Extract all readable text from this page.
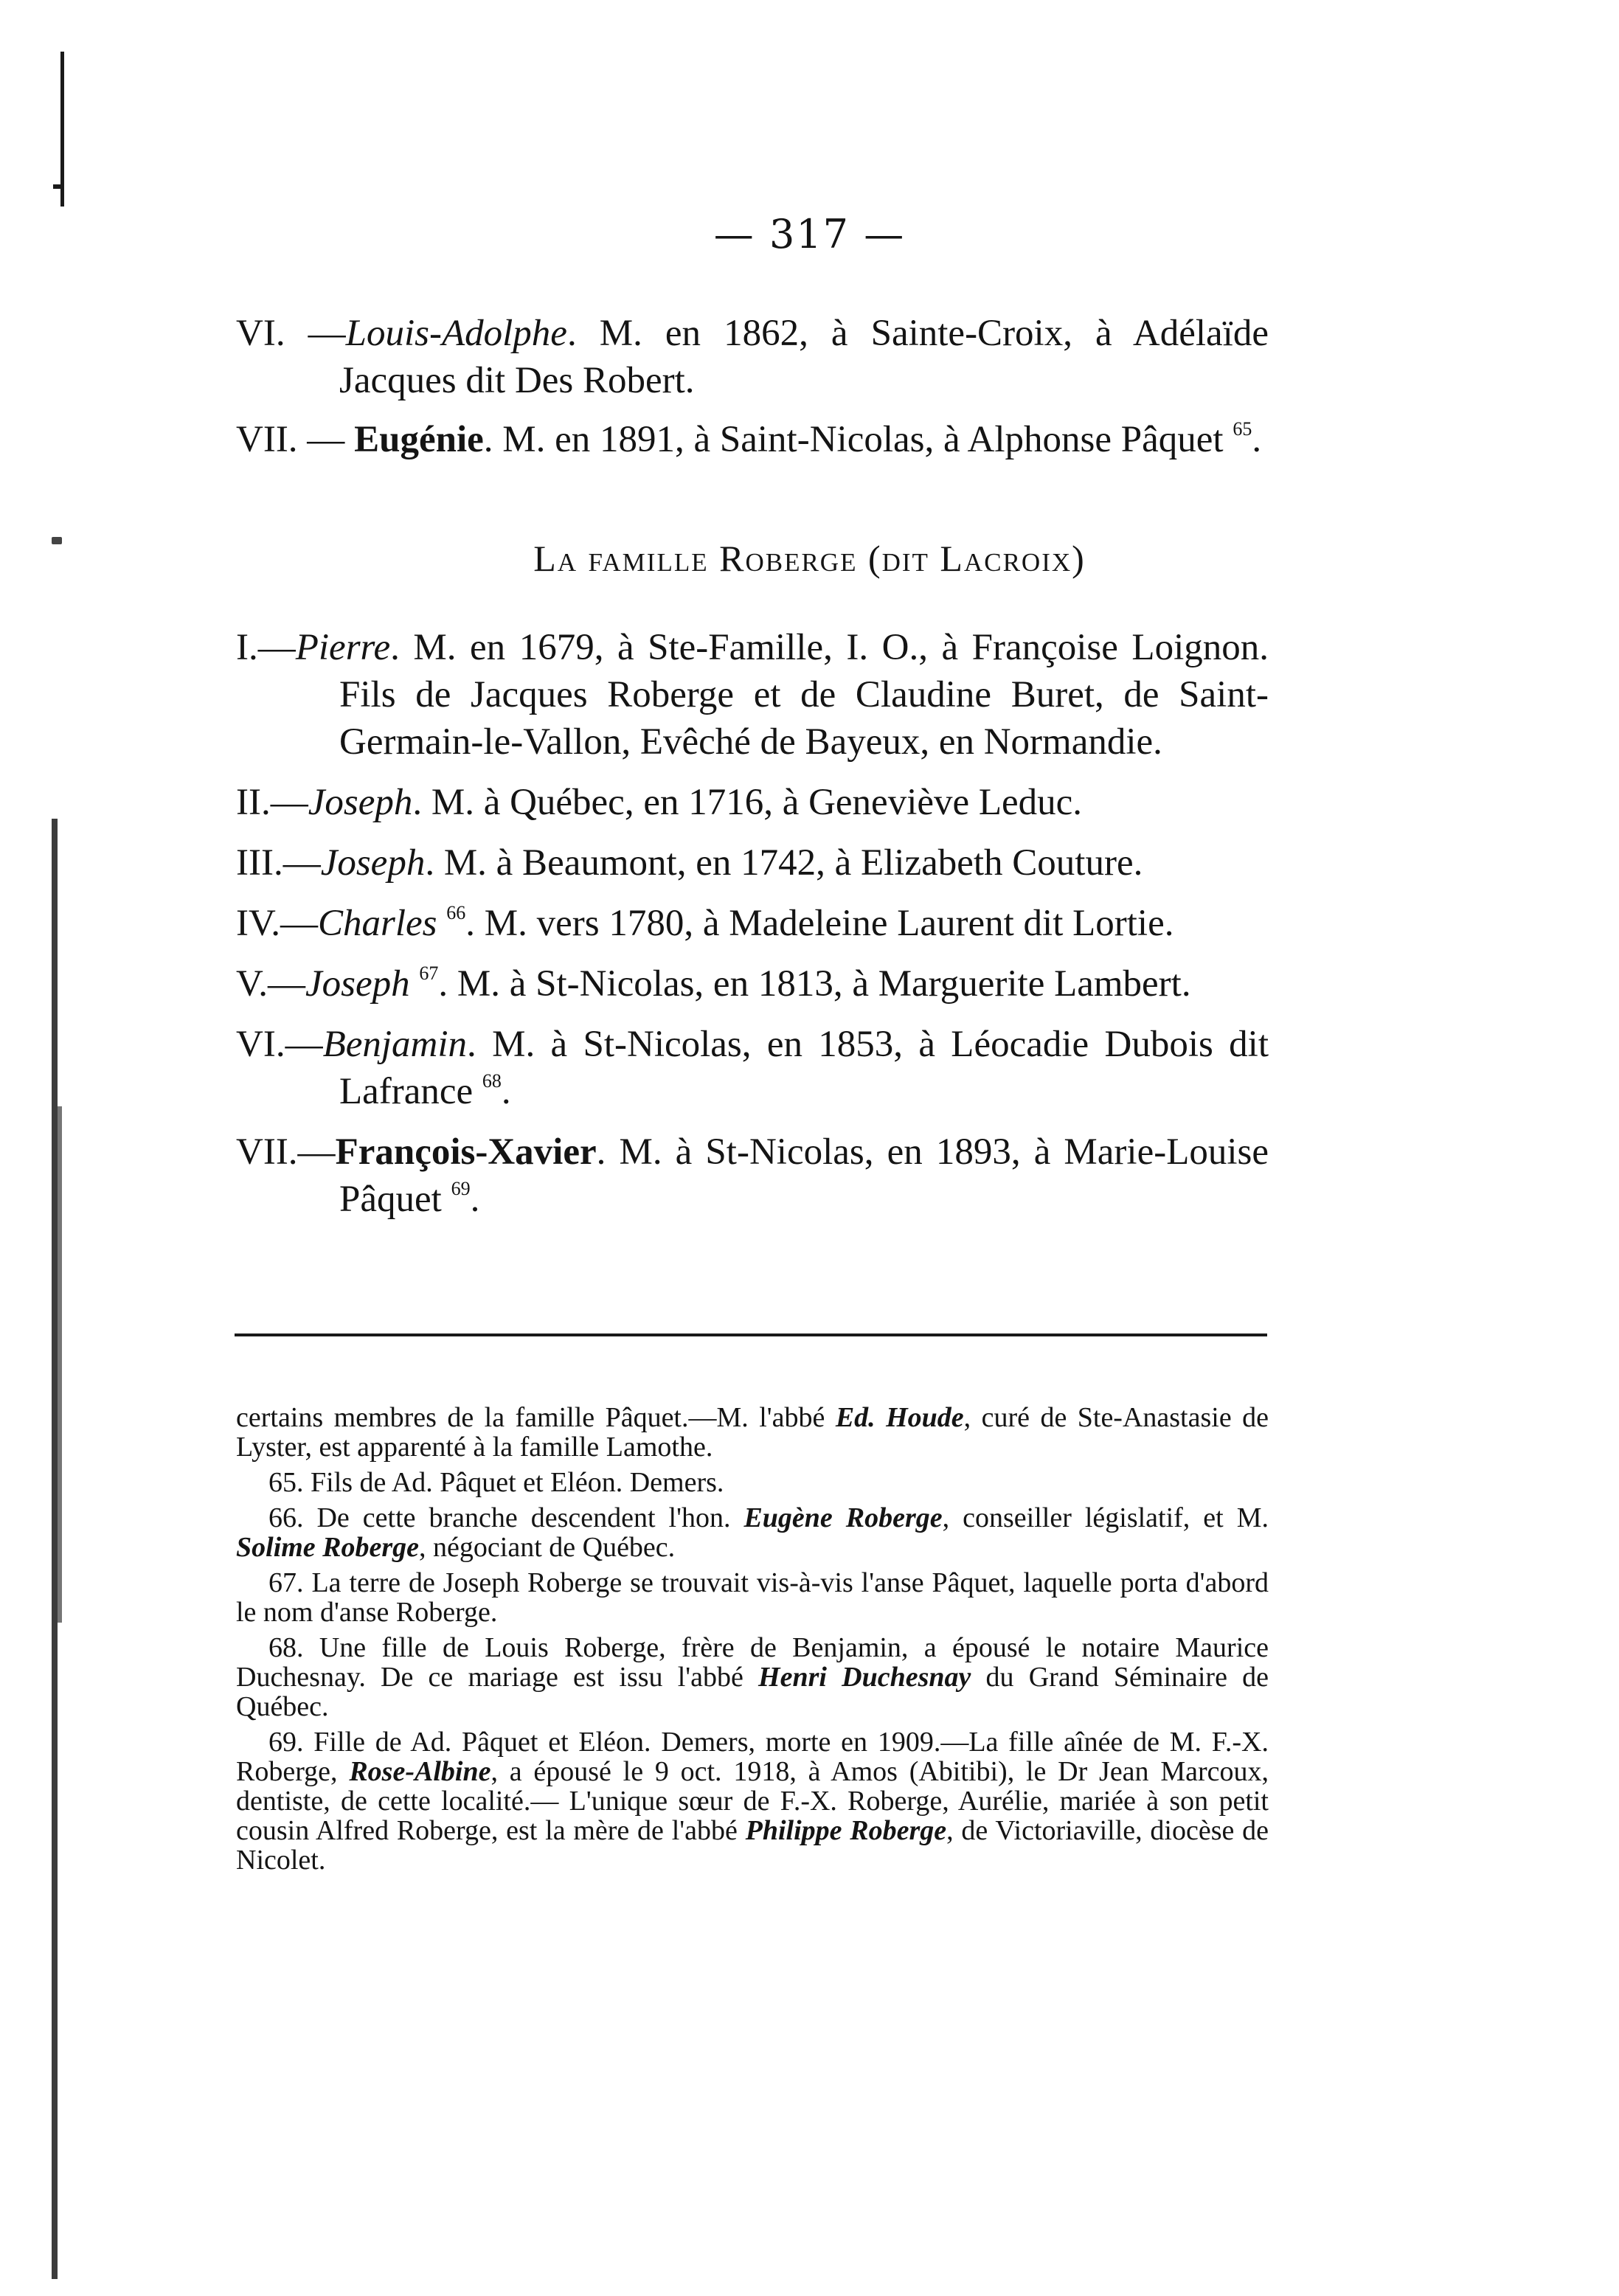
— 317 —

VI. —Louis-Adolphe. M. en 1862, à Sainte-Croix, à Adélaïde Jacques dit Des Robert.

VII. — Eugénie. M. en 1891, à Saint-Nicolas, à Alphonse Pâquet $^{65}$.

La famille Roberge (dit Lacroix)

I.—Pierre. M. en 1679, à Ste-Famille, I. O., à Françoise Loignon. Fils de Jacques Roberge et de Claudine Buret, de Saint-Germain-le-Vallon, Evêché de Bayeux, en Normandie.

II.—Joseph. M. à Québec, en 1716, à Geneviève Leduc.

III.—Joseph. M. à Beaumont, en 1742, à Elizabeth Couture.

IV.—Charles $^{66}$. M. vers 1780, à Madeleine Laurent dit Lortie.

V.—Joseph $^{67}$. M. à St-Nicolas, en 1813, à Marguerite Lambert.

VI.—Benjamin. M. à St-Nicolas, en 1853, à Léocadie Dubois dit Lafrance $^{68}$.

VII.—François-Xavier. M. à St-Nicolas, en 1893, à Marie-Louise Pâquet $^{69}$.

certains membres de la famille Pâquet.—M. l'abbé Ed. Houde, curé de Ste-Anastasie de Lyster, est apparenté à la famille Lamothe.

65. Fils de Ad. Pâquet et Eléon. Demers.

66. De cette branche descendent l'hon. Eugène Roberge, conseiller législatif, et M. Solime Roberge, négociant de Québec.

67. La terre de Joseph Roberge se trouvait vis-à-vis l'anse Pâquet, laquelle porta d'abord le nom d'anse Roberge.

68. Une fille de Louis Roberge, frère de Benjamin, a épousé le notaire Maurice Duchesnay. De ce mariage est issu l'abbé Henri Duchesnay du Grand Séminaire de Québec.

69. Fille de Ad. Pâquet et Eléon. Demers, morte en 1909.—La fille aînée de M. F.-X. Roberge, Rose-Albine, a épousé le 9 oct. 1918, à Amos (Abitibi), le Dr Jean Marcoux, dentiste, de cette localité.— L'unique sœur de F.-X. Roberge, Aurélie, mariée à son petit cousin Alfred Roberge, est la mère de l'abbé Philippe Roberge, de Victoriaville, diocèse de Nicolet.
